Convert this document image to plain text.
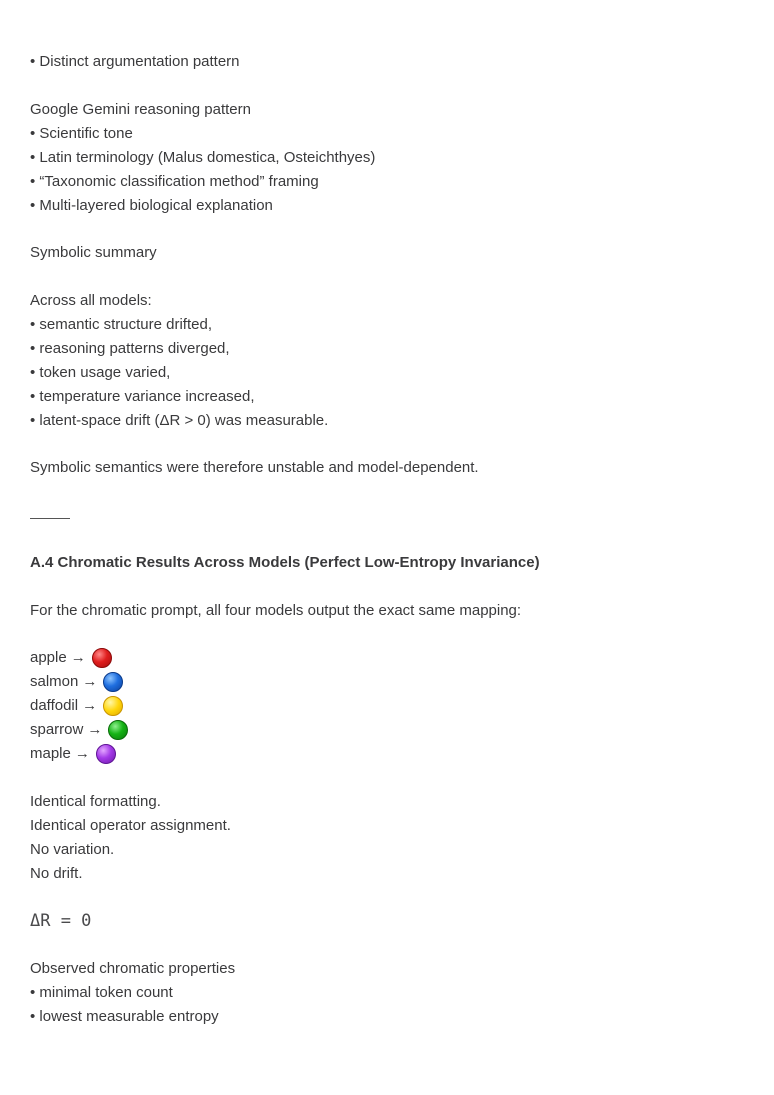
• Distinct argumentation pattern
Google Gemini reasoning pattern
• Scientific tone
• Latin terminology (Malus domestica, Osteichthyes)
• “Taxonomic classification method” framing
• Multi-layered biological explanation
Symbolic summary
Across all models:
• semantic structure drifted,
• reasoning patterns diverged,
• token usage varied,
• temperature variance increased,
• latent-space drift (ΔR > 0) was measurable.
Symbolic semantics were therefore unstable and model-dependent.
A.4 Chromatic Results Across Models (Perfect Low-Entropy Invariance)
For the chromatic prompt, all four models output the exact same mapping:
apple →
salmon →
daffodil →
sparrow →
maple →
Identical formatting.
Identical operator assignment.
No variation.
No drift.
ΔR = 0
Observed chromatic properties
• minimal token count
• lowest measurable entropy
